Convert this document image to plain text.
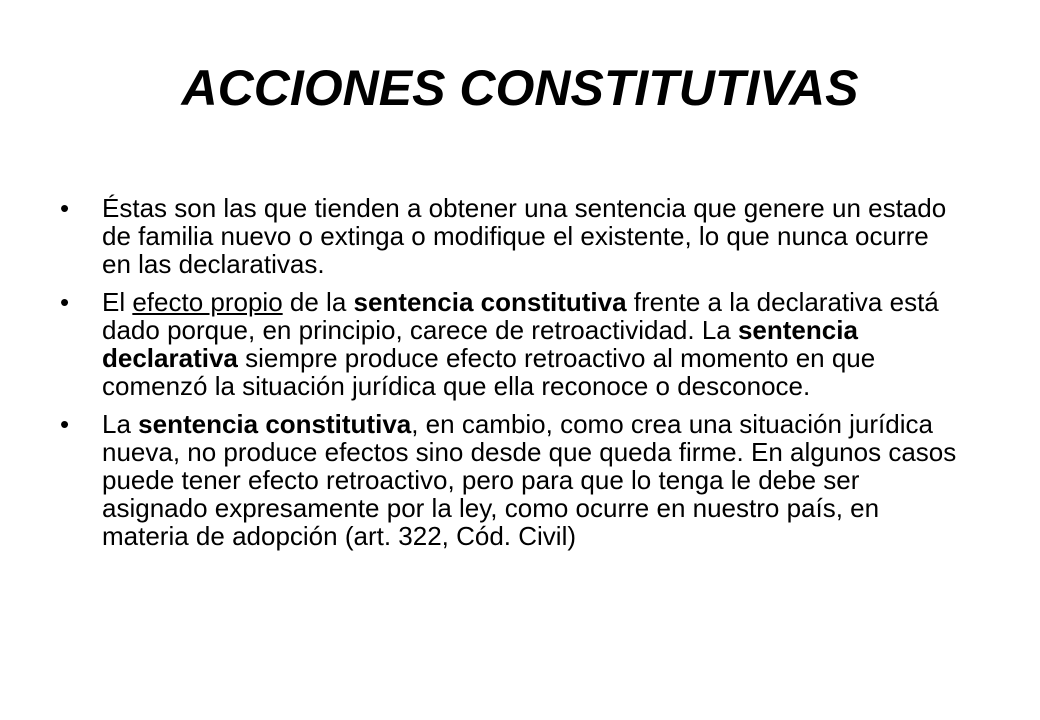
ACCIONES CONSTITUTIVAS
•	Éstas son las que tienden a obtener una sentencia que genere un estado de familia nuevo o extinga o modifique el existente, lo que nunca ocurre en las declarativas.
•	El efecto propio de la sentencia constitutiva frente a la declarativa está dado porque, en principio, carece de retroactividad. La sentencia declarativa siempre produce efecto retroactivo al momento en que comenzó la situación jurídica que ella reconoce o desconoce.
•	La sentencia constitutiva, en cambio, como crea una situación jurídica nueva, no produce efectos sino desde que queda firme. En algunos casos puede tener efecto retroactivo, pero para que lo tenga le debe ser asignado expresamente por la ley, como ocurre en nuestro país, en materia de adopción (art. 322, Cód. Civil)
